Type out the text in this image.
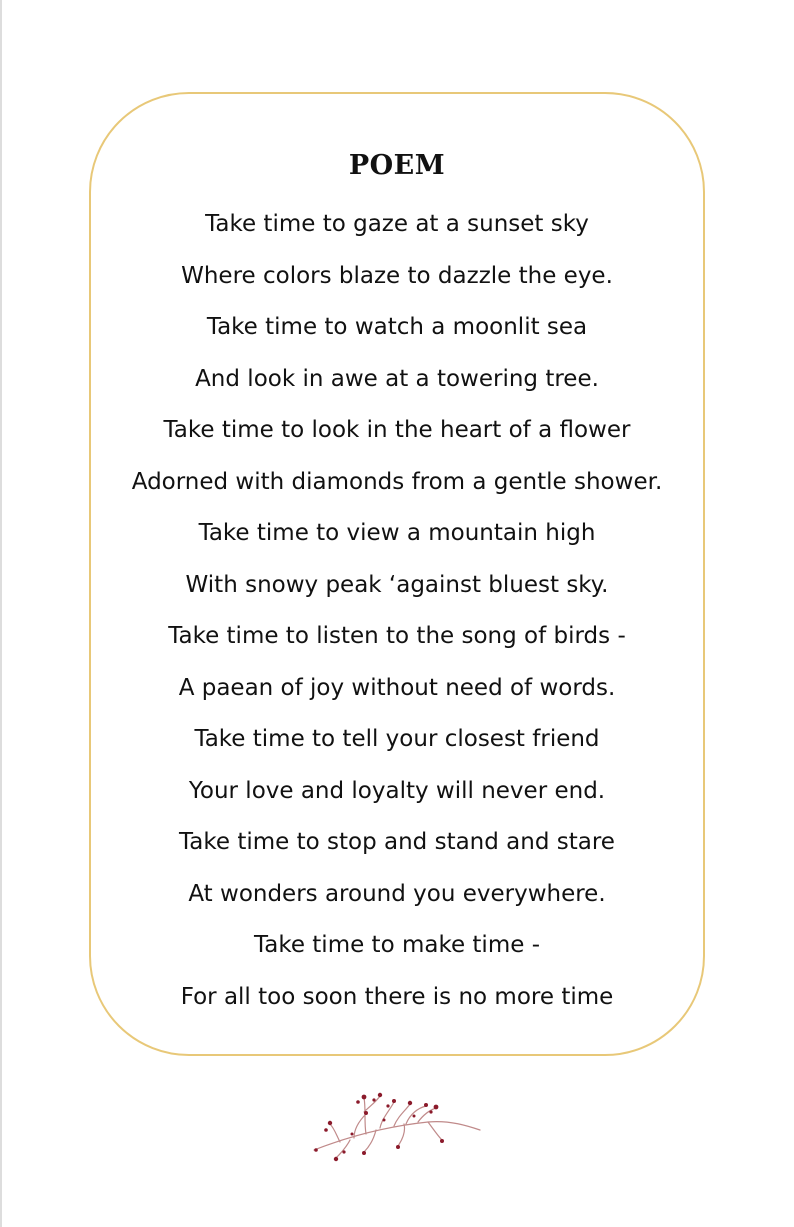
POEM
Take time to gaze at a sunset sky
Where colors blaze to dazzle the eye.
Take time to watch a moonlit sea
And look in awe at a towering tree.
Take time to look in the heart of a flower
Adorned with diamonds from a gentle shower.
Take time to view a mountain high
With snowy peak ‘against bluest sky.
Take time to listen to the song of birds -
A paean of joy without need of words.
Take time to tell your closest friend
Your love and loyalty will never end.
Take time to stop and stand and stare
At wonders around you everywhere.
Take time to make time -
For all too soon there is no more time
